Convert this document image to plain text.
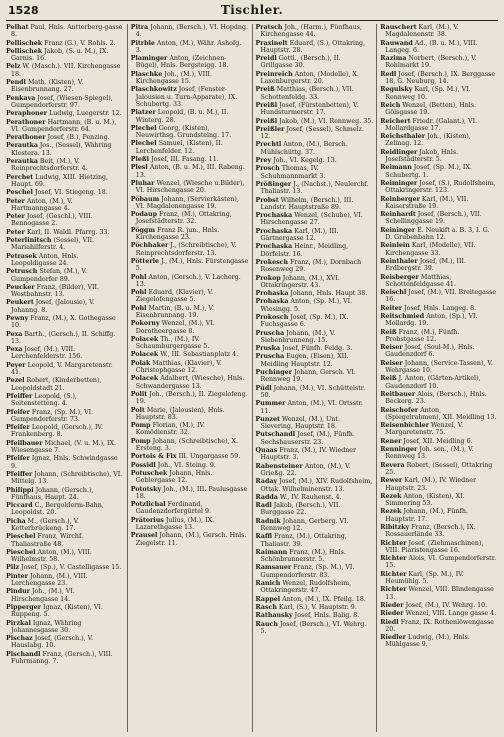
1528	Tischler.
Pelhat Paul, Hnls. Antterberg-gasse 8.
Pellischek Franz (G.), V. Rohls. 2.
Pellischek Jakob, (S. u. M.), IX. Garnis. 16.
Pelz W. (Masch.). VII. Kirchengasse 18.
Pendl Math. (Kisten), V. Eisenbrunnang. 27.
Penkava Josef, (Wiesen-Spiegel), Gumpendorferstr. 97.
Peraphoner Ludwig, Luegerstr. 12.
Perathoner Hartmann, (B. u. M.), VI. Gumpendorferstr. 64.
Perathoner Josef, (B.), Penzing.
Perautka Jos., (Sessel), Währing Klostera. 13.
Perautka Beit, (M.), V. Reinprechtsdorferstr. 4.
Perchet Ludwig, XIII. Hietzing, Haupt. 69.
Peschel Josef, VI. Stiegeng. 18.
Peter Anton, (M.), V. Hartmanngasse 4.
Peter Josef, (Geschl.), VIII. Bennogasse 2.
Peter Karl, II. Waldl. Pfarrg. 33.
Peterlinitsch (Sessel), VII. Mariahilferstr. 4.
Petrasek Anton, Hnls. Leopoldigasse 24.
Petrusch Stefan, (M.), V. Gumpendorfer 89.
Peucker Franz, (Bilder), VII. Westbahnstr. 13.
Peukert Josef, (Jalousie), V. Johanng. 8.
Pewny Franz, (M.), X. Gothegasse 10.
Pexa Barth., (Gersch.), II. Schiffg. 13.
Pexa Josef, (M.), VIII. Lerchenfelderstr. 156.
Peyer Leopold, V. Margaretenstr. 41.
Pezel Robert, (Kinderbetten), Leopoldstadt 21.
Pfeiffer Leopold, (S.), Seitenstetteng. 4.
Pfeifer Franz, (Sp. M.), VI. Gumpendorferstr. 73.
Pfeifer Leopold, (Gersch.), IV. Frankenberg. 8.
Pfeilbauer Michael, (V. u. M.), IX. Wiesengasse 7.
Pfeifer Ignaz, Hnls. Schwindgasse 9.
Pfeiffer Johann, (Schreibtische), VI. Mittelg. 13.
Philippi Johann, (Gersch.), Fünfhaus, Haupt. 24.
Piccard C., Bergolderm-Bahn, Leopoldst. 20.
Picha M., (Gersch.), V. Ketterbrückeng. 17.
Pieschel Franz, Wirchf. Thaliastraße 48.
Pieschel Anton, (M.), VIII. Wilhelmstr. 58.
Pilz Josef, (Sp.), V. Castelligasse 15.
Pinter Johann, (M.), VIII. Lerchengasse 23.
Pindur Joh., (M.), VI. Hirschengasse 14.
Pipperger Ignaz, (Kisten), VI. Ruppeng. 5.
Pirzkal Ignaz, Währing Johannesgasse 30.
Pischaz Josef, (Gersch.), V. Hauslabg. 10.
Pischandl Franz, (Gersch.), VIII. Fuhrmanng. 7.
Pitra Johann, (Bersch.), VI. Hopdng. 4.
Pitrble Anton, (M.), Währ. Ashofg. 3.
Plaminger Anton, (Zeichnen-Bügel), Hnls. Bergsteigg. 18.
Plaschke Joh., (M.), VIII. Kirchengasse 15.
Plaschkowitz Josef, (Fenster-Jalousien u. Turn-Apparate), IX. Schubertg. 33.
Platzer Leopold, (B. u. M.), II. Winterg. 28.
Plechel Georg, (Kisten), Neuwirthsg. Grundsteing. 17.
Plechel Samuel, (Kisten), II. Lerchenfelder. 12.
Pleßl Josef, III. Fasang. 11.
Plesl Anton, (B. u. M.), III. Rabeng. 13.
Pluhar Wenzel, (Wiesche u.Bilder), VI. Hirschengasse 20.
Pöbaum Johann, (Servierkästen), VI. Magdalenengasse 19.
Podaup Franz, (M.), Ottakring, Josefstädterstr. 32.
Pöggm Franz R. jun., Hnls. Kirchengasse 23.
Pöchhaker J., (Schreibtische), V. Reinprechtsdorferstr. 13.
Pötterle J., (M.), Hnls. Fürstengasse 5.
Pohl Anton, (Gersch.), V. Lacherg. 13.
Pohl Eduard, (Klavier), V. Ziegelofengasse 5.
Pohl Martin, (B. u. M.), V. Eisenbrunnang. 19.
Pokorny Wenzel, (M.), VI. Dorotheergasse 8.
Polacek Th., (M.), IV. Schaumburgergasse 5.
Polacek W., III. Sebastianplatz 4.
Polak Matthias, (Klavier), V. Christophgasse 12.
Polacek Adalbert, (Wiesche), Hnls. Schwandergasse 13.
Polit Joh., (Bersch.), II. Ziegelofeng. 19.
Polt Marie, (Jalousien), Hnls. Hauptstr. 83.
Pomp Florian, (M.), IV. Komödienstr. 32.
Pomp Johann, (Schreibtische), X. Ersteng. 3.
Portois & Fix III. Ungargasse 59.
Possidl Joh., VI. Steing. 9.
Potuschek Johann, Hnls. Geblergasse 12.
Pototsky Joh., (M.), III. Paulusgasse 18.
Potzlichal Ferdinand, Gaudenzdorfergürtel 9.
Prätorius Julius, (M.), IX. Lazarethgasse 13.
Prausel Johann, (M.), Gersch. Hnls. Ziegelstr. 11.
Pratsch Joh., (Harm.), Fünfhaus, Kirchengasse 44.
Praxinelt Eduard, (S.), Ottakring, Hauptstr. 28.
Preidl Gottl., (Bersch.), II. Grillgasse 30.
Preinreich Anton, (Modelle), X. Laxenburgerstr. 20.
Preiß Matthias, (Bersch.), VII. Schottenfeldg. 33.
Preißl Josef, (Fürstenbetten), V. Hundsturmerstr. 17.
Preißl Jakob, (M.), VI. Rennweg. 35.
Preißler Josef, (Sessel), Schmelz. 12.
Prechtl Anton, (M.), Bersch. Mühlschüttg. 37.
Prey Joh., VI. Kegelg. 13.
Prosch Thomas, IV. Schuhmannmarkt 3.
Prößinger J., (Nachst.), Neulerchf. Thaliastr. 13.
Probst Wilhelm, (Bersch.), III. Landstr. Hauptstraße 89.
Prochaska Wenzel, (Schuhe), VI. Hirschengasse 27.
Prochaska Karl, (M.), III. Gärtnergasse 12.
Prochaska Heinr., Meidling, Dörfelstr. 16.
Prokesch Franz, (M.), Dornbach Rosenweg 29.
Prokop Johann, (M.), XVI. Ottakringerstr. 43.
Prohaska Johann, Hnls. Haupt 38.
Prohaska Anton, (Sp. M.), VI. Wiesingg. 5.
Prokosch Josef, (Sp. M.), IX. Fuchsgasse 6.
Pruscha Johann, (M.), V. Siebenbrunneng. 15.
Pruska Josef, Fünfh. Feldg. 3.
Pruscha Eugen, (Eisen), XII. Meidling Hauptstr. 12.
Puchinger Johann, Gersch. VI. Rennweg 19.
Püdl Johann, (M.), VI. Schüttelstr. 50.
Pummer Anton, (M.), VI. Ortsstr. 11.
Punzet Wenzel, (M.), Unt. Sievering, Hauptstr. 18.
Putschandl Josef, (M.), Fünfh. Sechshauserstr. 23.
Quaas Franz, (M.), IV. Wiedner Hauptstr. 3.
Rabensteiner Anton, (M.), V. Grießg. 22.
Raday Josef, (M.), XIV. Rudolfsheim, Ottak. Wilhelminenstr. 13.
Radda W., IV. Rauhenst. 4.
Radl Jakob, (Bersch.), VII. Burggasse 22.
Radnik Johann, Gerberg. VI. Rennweg 12.
Raffl Franz, (M.), Ottakring, Thaliastr. 39.
Raimann Franz, (M.), Hnls. Schönbrunnerstr. 5.
Ramsauer Franz, (Sp. M.), VI. Gumpendorferstr. 83.
Ranich Wenzel, Rudolfsheim, Ottakringerstr. 47.
Rappel Anton, (M.), IX. Pfeilg. 18.
Rasch Karl, (S.), V. Hauptstr. 9.
Rathausky Josef, Hnls. Balig. 8.
Rauch Josef, (Bersch.), VI. Wehrg. 5.
Rauschert Karl, (M.), V. Magdalenenstr. 38.
Rauwand Ad., (B. u. M.), VIII. Langeg. 6.
Razima Norbert, (Bersch.), V. Rohlmarkt 19.
Redl Josef, (Bersch.), IX. Berggasse 18, G. Neuburg, 14.
Regulsky Karl, (Sp. M.), VI. Rennweg 10.
Reich Wenzel, (Betten), Hnls. Gölsgasse 19.
Reichert Friedr. (Galant.), VI. Mollardgasse 17.
Reichsthaler Joh., (Kisten), Zelinag. 12.
Reidlinger Jakob, Hnls. Josefstädterstr. 5.
Reimann Josef, (Sp. M.), IX. Schubertg. 1.
Reiminger Josef, (S.), Rudolfsheim, Ottakringerstr. 123.
Reinberger Karl, (M.), VII. Kaiserstraße 19.
Reinhardt Josef, (Bersch.), VII. Schellinggasse 19.
Reininger E. Neukift a. B. 3, I. G. D. Grubenbahn 12.
Reinlein Karl, (Modelle), VII. Kirchengasse 33.
Reinthaler Josef, (M.), III. Erdbergstr. 39.
Reisberger Matthias, Schottenfeldgasse 41.
Reischl Josef, (M.), VII. Breitegasse 16.
Reiter Josef, Hnls. Langeg. 8.
Reitschmied Anton, (Sp.), VI. Mollardg. 19.
Reiß Franz, (M.), Fünfh. Probstgasse 12.
Reiser Josef, (Soul-M.), Hnls. Gaudenzdorf 6.
Reiser Johann, (Service-Tassen), V. Wehrgasse 10.
Reiß J. Anton, (Gärten-Artikel), Gaudenzdorf 10.
Reitbauer Alois, (Bersch.), Hnls. Beckerg. 23.
Reischofer Anton, (Spiegelrahmen), XII. Meidling 13.
Reisenbichler Wenzel, V. Margaretenstr. 75.
Rener Josef, XII. Meidling 6.
Renninger Joh. sen., (M.), V. Rennweg 13.
Revera Robert, (Sessel), Ottakring 25.
Rewer Karl, (M.), IV. Wiedner Hauptstr. 23.
Rezek Anton, (Kisten), XI. Simmering 53.
Rezek Johann, (M.), Fünfh. Hauptstr. 17.
Ribitzky Franz, (Bersch.), IX. Rossauerlände 33.
Richter Josef, (Ziehmaschinen), VIII. Piaristengasse 16.
Richter Alois, VI. Gumpendorferstr. 15.
Richter Karl, (Sp. M.), IV. Heumühlg. 5.
Richter Wenzel, VIII. Blindengasse 13.
Rieder Josef, (M.), IV. Wehrg. 10.
Rieder Wenzel, VIII. Lange gasse 4.
Riedl Franz, IX. Rothenlöwengasse 20.
Riedler Ludwig, (M.), Hnls. Mühlgasse 9.
